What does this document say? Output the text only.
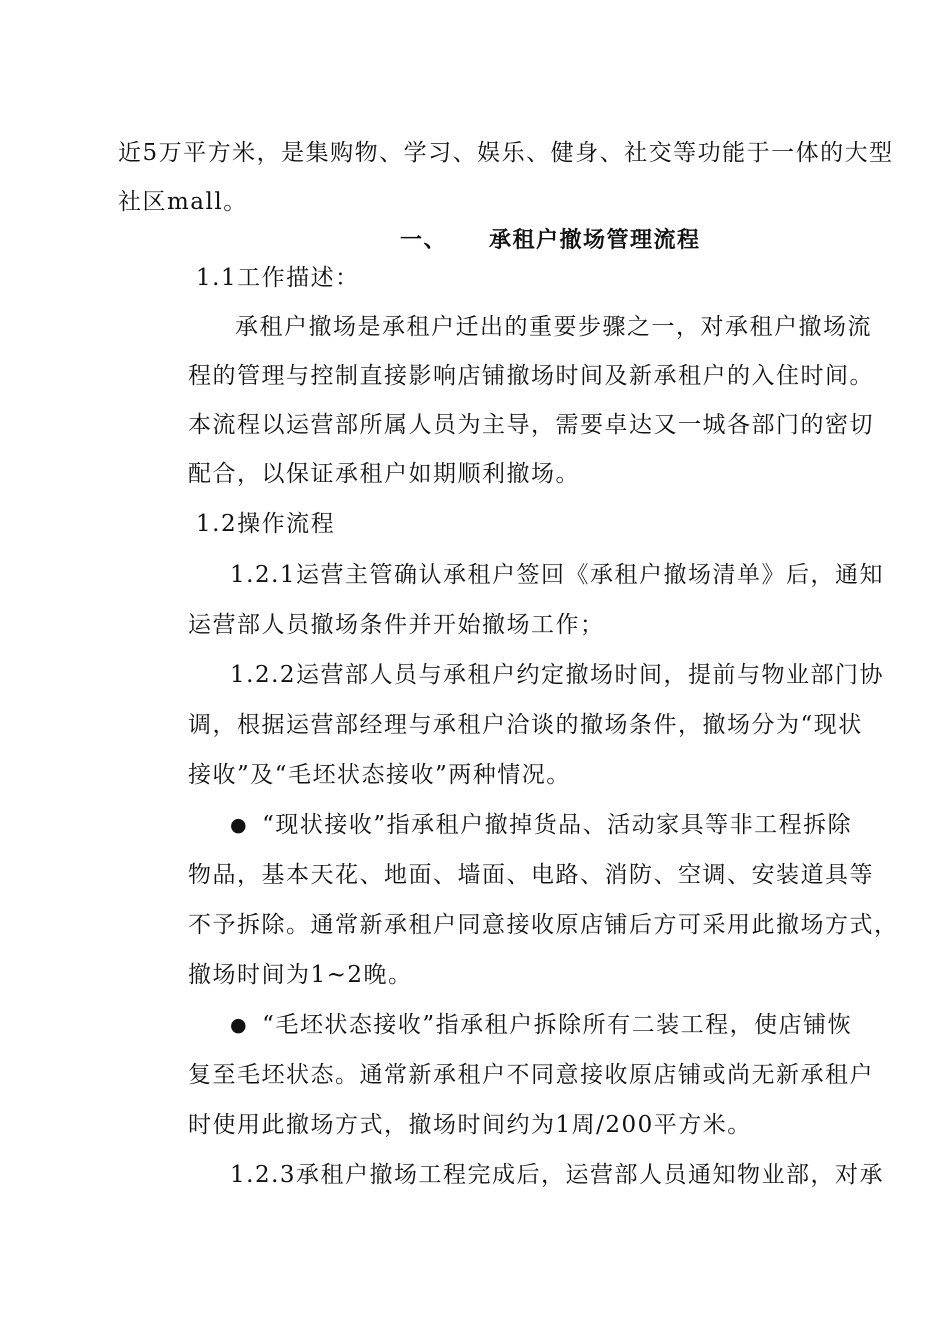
近5万平方米，是集购物、学习、娱乐、健身、社交等功能于一体的大型
社区mall。
一、 承租户撤场管理流程
1.1工作描述：
承租户撤场是承租户迁出的重要步骤之一，对承租户撤场流
程的管理与控制直接影响店铺撤场时间及新承租户的入住时间。
本流程以运营部所属人员为主导，需要卓达又一城各部门的密切
配合，以保证承租户如期顺利撤场。
1.2操作流程
1.2.1运营主管确认承租户签回《承租户撤场清单》后，通知
运营部人员撤场条件并开始撤场工作；
1.2.2运营部人员与承租户约定撤场时间，提前与物业部门协
调，根据运营部经理与承租户洽谈的撤场条件，撤场分为“现状
接收”及“毛坯状态接收”两种情况。
● “现状接收”指承租户撤掉货品、活动家具等非工程拆除
物品，基本天花、地面、墙面、电路、消防、空调、安装道具等
不予拆除。通常新承租户同意接收原店铺后方可采用此撤场方式，
撤场时间为1~2晚。
● “毛坯状态接收”指承租户拆除所有二装工程，使店铺恢
复至毛坯状态。通常新承租户不同意接收原店铺或尚无新承租户
时使用此撤场方式，撤场时间约为1周/200平方米。
1.2.3承租户撤场工程完成后，运营部人员通知物业部，对承
